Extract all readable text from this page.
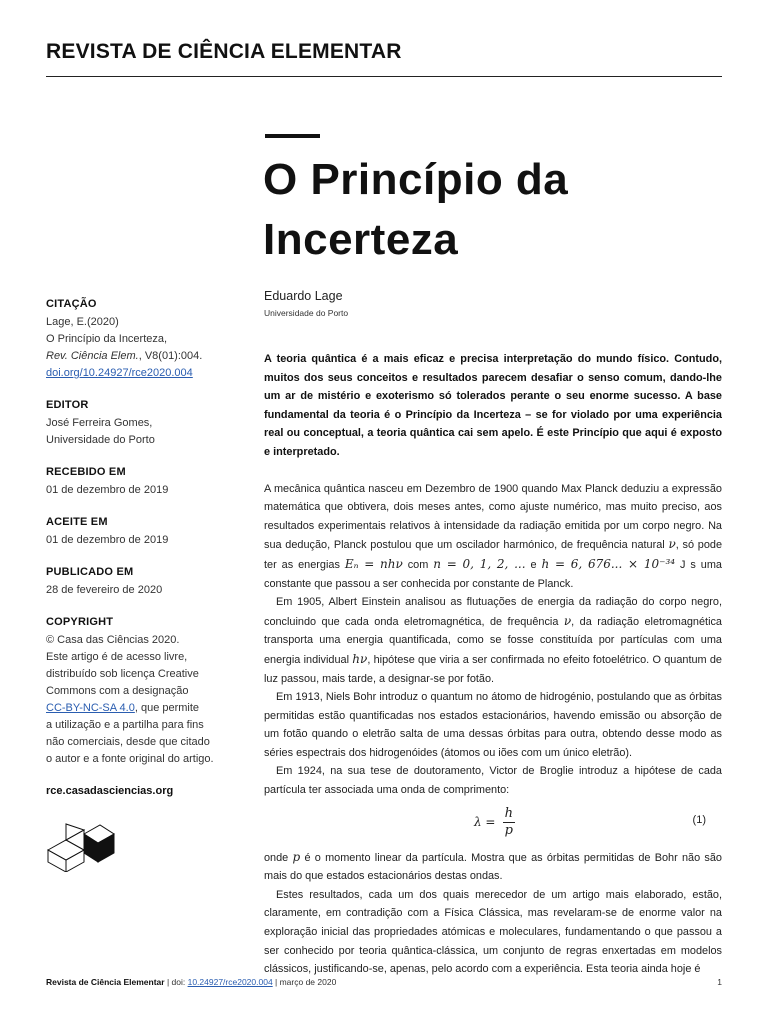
REVISTA DE CIÊNCIA ELEMENTAR
O Princípio da
Incerteza
Eduardo Lage
Universidade do Porto
CITAÇÃO
Lage, E.(2020)
O Princípio da Incerteza,
Rev. Ciência Elem., V8(01):004.
doi.org/10.24927/rce2020.004
EDITOR
José Ferreira Gomes,
Universidade do Porto
RECEBIDO EM
01 de dezembro de 2019
ACEITE EM
01 de dezembro de 2019
PUBLICADO EM
28 de fevereiro de 2020
COPYRIGHT
© Casa das Ciências 2020.
Este artigo é de acesso livre,
distribuído sob licença Creative
Commons com a designação
CC-BY-NC-SA 4.0, que permite
a utilização e a partilha para fins
não comerciais, desde que citado
o autor e a fonte original do artigo.
rce.casadasciencias.org

A teoria quântica é a mais eficaz e precisa interpretação do mundo físico. Contudo, muitos dos seus conceitos e resultados parecem desafiar o senso comum, dando-lhe um ar de mistério e exoterismo só tolerados perante o seu enorme sucesso. A base fundamental da teoria é o Princípio da Incerteza – se for violado por uma experiência real ou conceptual, a teoria quântica cai sem apelo. É este Princípio que aqui é exposto e interpretado.

A mecânica quântica nasceu em Dezembro de 1900 quando Max Planck deduziu a expressão matemática que obtivera, dois meses antes, como ajuste numérico, mas muito preciso, aos resultados experimentais relativos à intensidade da radiação emitida por um corpo negro. Na sua dedução, Planck postulou que um oscilador harmónico, de frequência natural ν, só pode ter as energias Eₙ = nhν com n = 0, 1, 2, ... e h = 6, 676... × 10⁻³⁴ J s uma constante que passou a ser conhecida por constante de Planck.

Em 1905, Albert Einstein analisou as flutuações de energia da radiação do corpo negro, concluindo que cada onda eletromagnética, de frequência ν, da radiação eletromagnética transporta uma energia quantificada, como se fosse constituída por partículas com uma energia individual hν, hipótese que viria a ser confirmada no efeito fotoelétrico. O quantum de luz passou, mais tarde, a designar-se por fotão.

Em 1913, Niels Bohr introduz o quantum no átomo de hidrogénio, postulando que as órbitas permitidas estão quantificadas nos estados estacionários, havendo emissão ou absorção de um fotão quando o eletrão salta de uma dessas órbitas para outra, obtendo desse modo as séries espectrais dos hidrogenóides (átomos ou iões com um único eletrão).

Em 1924, na sua tese de doutoramento, Victor de Broglie introduz a hipótese de cada partícula ter associada uma onda de comprimento:

$\lambda = \frac{h}{p}$	(1)

onde p é o momento linear da partícula. Mostra que as órbitas permitidas de Bohr não são mais do que estados estacionários destas ondas.

Estes resultados, cada um dos quais merecedor de um artigo mais elaborado, estão, claramente, em contradição com a Física Clássica, mas revelaram-se de enorme valor na exploração inicial das propriedades atómicas e moleculares, fundamentando o que passou a ser conhecido por teoria quântica-clássica, um conjunto de regras enxertadas em modelos clássicos, justificando-se, apenas, pelo acordo com a experiência. Esta teoria ainda hoje é

Revista de Ciência Elementar | doi: 10.24927/rce2020.004 | março de 2020	1
